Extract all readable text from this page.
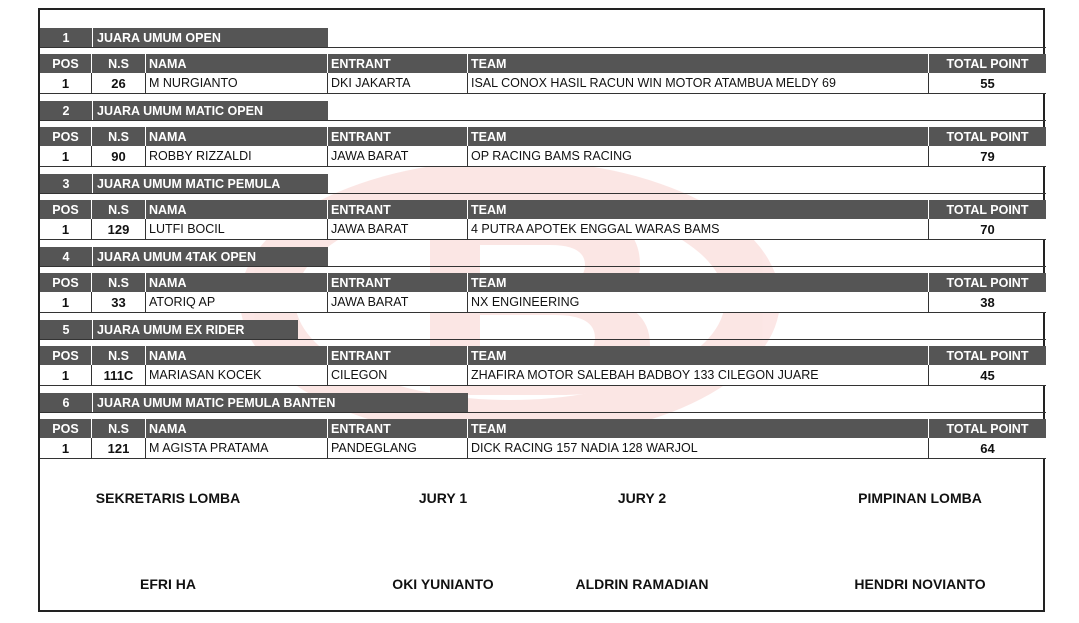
1	JUARA UMUM OPEN
POS	N.S	NAMA	ENTRANT	TEAM	TOTAL POINT
1	26	M NURGIANTO	DKI JAKARTA	ISAL CONOX HASIL RACUN WIN MOTOR ATAMBUA MELDY 69	55
2	JUARA UMUM MATIC OPEN
POS	N.S	NAMA	ENTRANT	TEAM	TOTAL POINT
1	90	ROBBY RIZZALDI	JAWA BARAT	OP RACING BAMS RACING	79
3	JUARA UMUM MATIC PEMULA
POS	N.S	NAMA	ENTRANT	TEAM	TOTAL POINT
1	129	LUTFI BOCIL	JAWA BARAT	4 PUTRA APOTEK ENGGAL WARAS BAMS	70
4	JUARA UMUM 4TAK OPEN
POS	N.S	NAMA	ENTRANT	TEAM	TOTAL POINT
1	33	ATORIQ AP	JAWA BARAT	NX ENGINEERING	38
5	JUARA UMUM EX RIDER
POS	N.S	NAMA	ENTRANT	TEAM	TOTAL POINT
1	111C	MARIASAN KOCEK	CILEGON	ZHAFIRA MOTOR SALEBAH BADBOY 133 CILEGON JUARE	45
6	JUARA UMUM MATIC PEMULA BANTEN
POS	N.S	NAMA	ENTRANT	TEAM	TOTAL POINT
1	121	M AGISTA PRATAMA	PANDEGLANG	DICK RACING 157 NADIA 128 WARJOL	64
SEKRETARIS LOMBA
EFRI HA
JURY 1
OKI YUNIANTO
JURY 2
ALDRIN RAMADIAN
PIMPINAN LOMBA
HENDRI NOVIANTO
